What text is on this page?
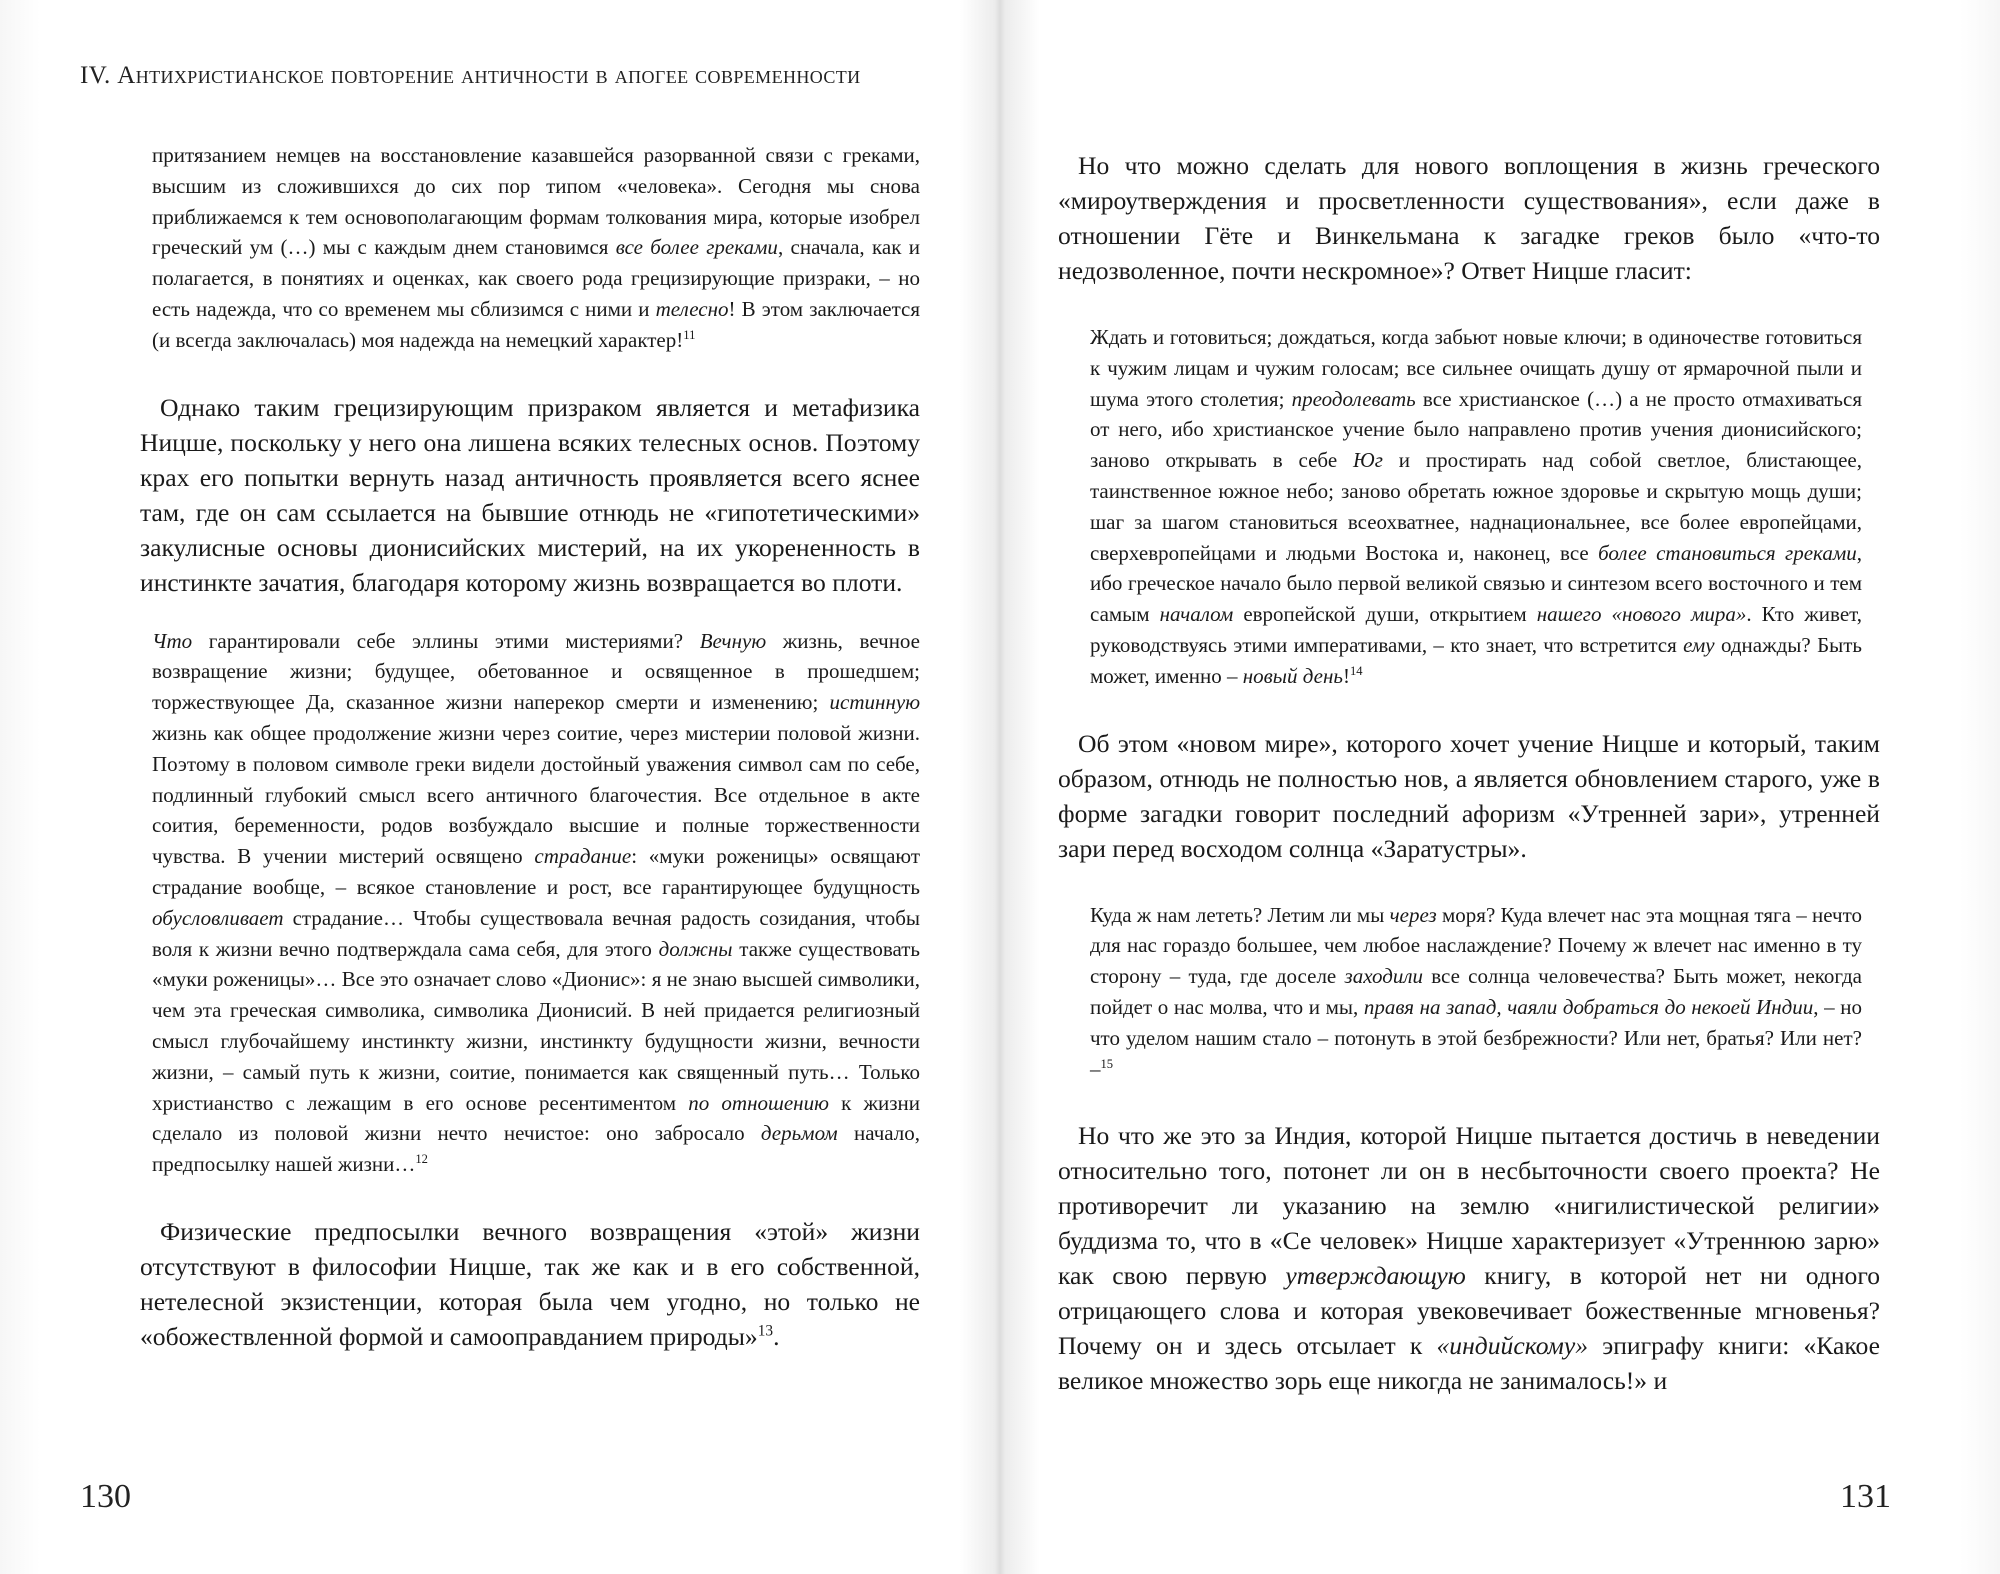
IV. Антихристианское повторение античности в апогее современности

притязанием немцев на восстановление казавшейся разорванной связи с греками, высшим из сложившихся до сих пор типом «человека». Сегодня мы снова приближаемся к тем основополагающим формам толкования мира, которые изобрел греческий ум (…) мы с каждым днем становимся все более греками, сначала, как и полагается, в понятиях и оценках, как своего рода грецизирующие призраки, – но есть надежда, что со временем мы сблизимся с ними и телесно! В этом заключается (и всегда заключалась) моя надежда на немецкий характер!$^{11}$

Однако таким грецизирующим призраком является и метафизика Ницше, поскольку у него она лишена всяких телесных основ. Поэтому крах его попытки вернуть назад античность проявляется всего яснее там, где он сам ссылается на бывшие отнюдь не «гипотетическими» закулисные основы дионисийских мистерий, на их укорененность в инстинкте зачатия, благодаря которому жизнь возвращается во плоти.

Что гарантировали себе эллины этими мистериями? Вечную жизнь, вечное возвращение жизни; будущее, обетованное и освященное в прошедшем; торжествующее Да, сказанное жизни наперекор смерти и изменению; истинную жизнь как общее продолжение жизни через соитие, через мистерии половой жизни. Поэтому в половом символе греки видели достойный уважения символ сам по себе, подлинный глубокий смысл всего античного благочестия. Все отдельное в акте соития, беременности, родов возбуждало высшие и полные торжественности чувства. В учении мистерий освящено страдание: «муки роженицы» освящают страдание вообще, – всякое становление и рост, все гарантирующее будущность обусловливает страдание… Чтобы существовала вечная радость созидания, чтобы воля к жизни вечно подтверждала сама себя, для этого должны также существовать «муки роженицы»… Все это означает слово «Дионис»: я не знаю высшей символики, чем эта греческая символика, символика Дионисий. В ней придается религиозный смысл глубочайшему инстинкту жизни, инстинкту будущности жизни, вечности жизни, – самый путь к жизни, соитие, понимается как священный путь… Только христианство с лежащим в его основе ресентиментом по отношению к жизни сделало из половой жизни нечто нечистое: оно забросало дерьмом начало, предпосылку нашей жизни…$^{12}$

Физические предпосылки вечного возвращения «этой» жизни отсутствуют в философии Ницше, так же как и в его собственной, нетелесной экзистенции, которая была чем угодно, но только не «обожествленной формой и самооправданием природы»$^{13}$.

130

Но что можно сделать для нового воплощения в жизнь греческого «мироутверждения и просветленности существования», если даже в отношении Гёте и Винкельмана к загадке греков было «что-то недозволенное, почти нескромное»? Ответ Ницше гласит:

Ждать и готовиться; дождаться, когда забьют новые ключи; в одиночестве готовиться к чужим лицам и чужим голосам; все сильнее очищать душу от ярмарочной пыли и шума этого столетия; преодолевать все христианское (…) а не просто отмахиваться от него, ибо христианское учение было направлено против учения дионисийского; заново открывать в себе Юг и простирать над собой светлое, блистающее, таинственное южное небо; заново обретать южное здоровье и скрытую мощь души; шаг за шагом становиться всеохватнее, наднациональнее, все более европейцами, сверхевропейцами и людьми Востока и, наконец, все более становиться греками, ибо греческое начало было первой великой связью и синтезом всего восточного и тем самым началом европейской души, открытием нашего «нового мира». Кто живет, руководствуясь этими императивами, – кто знает, что встретится ему однажды? Быть может, именно – новый день!$^{14}$

Об этом «новом мире», которого хочет учение Ницше и который, таким образом, отнюдь не полностью нов, а является обновлением старого, уже в форме загадки говорит последний афоризм «Утренней зари», утренней зари перед восходом солнца «Заратустры».

Куда ж нам лететь? Летим ли мы через моря? Куда влечет нас эта мощная тяга – нечто для нас гораздо большее, чем любое наслаждение? Почему ж влечет нас именно в ту сторону – туда, где доселе заходили все солнца человечества? Быть может, некогда пойдет о нас молва, что и мы, правя на запад, чаяли добраться до некоей Индии, – но что уделом нашим стало – потонуть в этой безбрежности? Или нет, братья? Или нет? –$^{15}$

Но что же это за Индия, которой Ницше пытается достичь в неведении относительно того, потонет ли он в несбыточности своего проекта? Не противоречит ли указанию на землю «нигилистической религии» буддизма то, что в «Се человек» Ницше характеризует «Утреннюю зарю» как свою первую утверждающую книгу, в которой нет ни одного отрицающего слова и которая увековечивает божественные мгновенья? Почему он и здесь отсылает к «индийскому» эпиграфу книги: «Какое великое множество зорь еще никогда не занималось!» и

131
